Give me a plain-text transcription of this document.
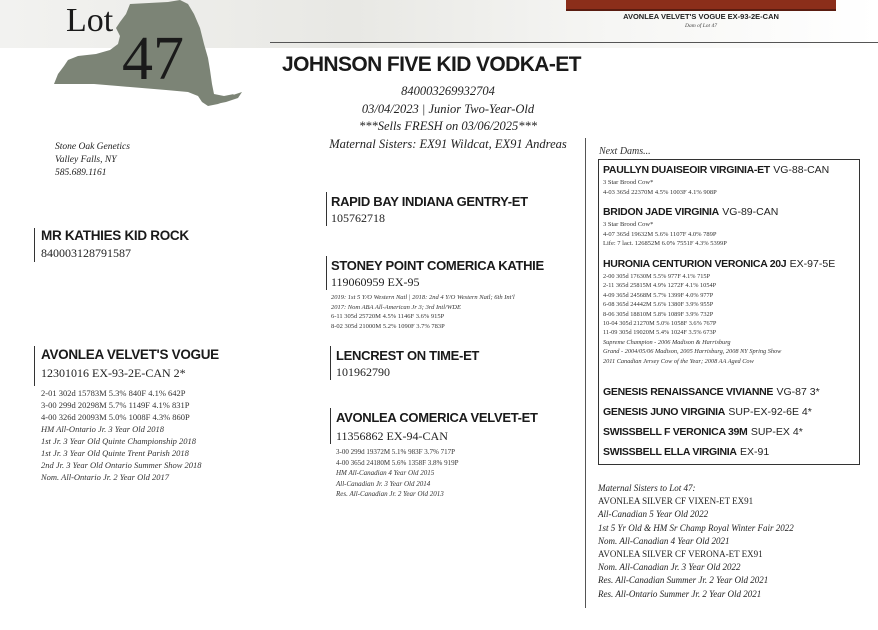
AVONLEA VELVET'S VOGUE EX-93-2E-CAN
Dam of Lot 47
Lot
47
Stone Oak Genetics
Valley Falls, NY
585.689.1161
JOHNSON FIVE KID VODKA-ET
840003269932704
03/04/2023 | Junior Two-Year-Old
***Sells FRESH on 03/06/2025***
Maternal Sisters: EX91 Wildcat, EX91 Andreas
MR KATHIES KID ROCK
840003128791587
RAPID BAY INDIANA GENTRY-ET
105762718
STONEY POINT COMERICA KATHIE
119060959 EX-95
2019: 1st 5 Y/O Western Natl | 2018: 2nd 4 Y/O Western Natl; 6th Int'l
2017: Nom ABA All-American Jr 3; 3rd Intl/WDE
6-11 305d 25720M 4.5% 1146F 3.6% 915P
8-02 305d 21000M 5.2% 1090F 3.7% 783P
AVONLEA VELVET'S VOGUE
12301016 EX-93-2E-CAN 2*
2-01 302d 15783M 5.3% 840F 4.1% 642P
3-00 299d 20298M 5.7% 1149F 4.1% 831P
4-00 326d 20093M 5.0% 1008F 4.3% 860P
HM All-Ontario Jr. 3 Year Old 2018
1st Jr. 3 Year Old Quinte Championship 2018
1st Jr. 3 Year Old Quinte Trent Parish 2018
2nd Jr. 3 Year Old Ontario Summer Show 2018
Nom. All-Ontario Jr. 2 Year Old 2017
LENCREST ON TIME-ET
101962790
AVONLEA COMERICA VELVET-ET
11356862 EX-94-CAN
3-00 299d 19372M 5.1% 983F 3.7% 717P
4-00 365d 24180M 5.6% 1358F 3.8% 919P
HM All-Canadian 4 Year Old 2015
All-Canadian Jr. 3 Year Old 2014
Res. All-Canadian Jr. 2 Year Old 2013
Next Dams...
PAULLYN DUAISEOIR VIRGINIA-ET VG-88-CAN
3 Star Brood Cow*
4-03 365d 22370M 4.5% 1003F 4.1% 908P
BRIDON JADE VIRGINIA VG-89-CAN
3 Star Brood Cow*
4-07 365d 19632M 5.6% 1107F 4.0% 789P
Life: 7 lact. 126852M 6.0% 7551F 4.3% 5399P
HURONIA CENTURION VERONICA 20J EX-97-5E
2-00 305d 17630M 5.5% 977F 4.1% 715P
2-11 365d 25815M 4.9% 1272F 4.1% 1054P
4-09 365d 24568M 5.7% 1399F 4.0% 977P
6-08 365d 24442M 5.6% 1380F 3.9% 955P
8-06 305d 18810M 5.8% 1089F 3.9% 732P
10-04 305d 21270M 5.0% 1058F 3.6% 767P
11-09 305d 19020M 5.4% 1024F 3.5% 673P
Supreme Champion - 2006 Madison & Harrisburg
Grand - 2004/05/06 Madison, 2005 Harrisburg, 2008 NY Spring Show
2011 Canadian Jersey Cow of the Year; 2008 AA Aged Cow
GENESIS RENAISSANCE VIVIANNE VG-87 3*
GENESIS JUNO VIRGINIA SUP-EX-92-6E 4*
SWISSBELL F VERONICA 39M SUP-EX 4*
SWISSBELL ELLA VIRGINIA EX-91
Maternal Sisters to Lot 47:
AVONLEA SILVER CF VIXEN-ET EX91
All-Canadian 5 Year Old 2022
1st 5 Yr Old & HM Sr Champ Royal Winter Fair 2022
Nom. All-Canadian 4 Year Old 2021
AVONLEA SILVER CF VERONA-ET EX91
Nom. All-Canadian Jr. 3 Year Old 2022
Res. All-Canadian Summer Jr. 2 Year Old 2021
Res. All-Ontario Summer Jr. 2 Year Old 2021
